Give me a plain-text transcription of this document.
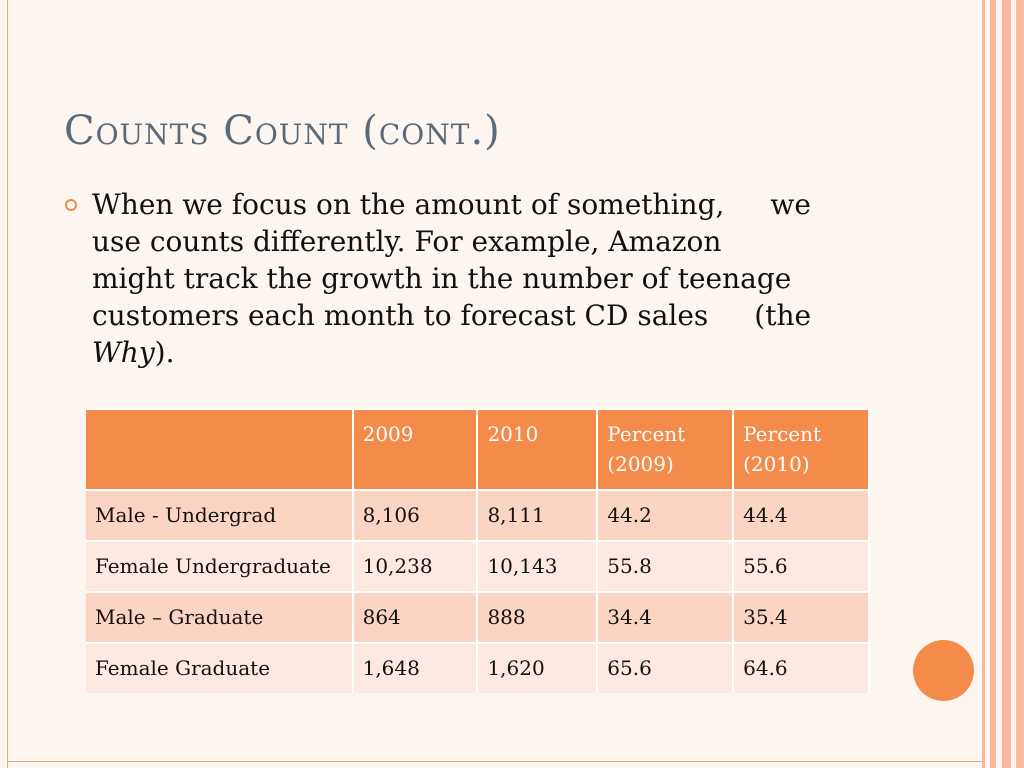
Counts Count (cont.)
When we focus on the amount of something, we
use counts differently. For example, Amazon
might track the growth in the number of teenage
customers each month to forecast CD sales (the
Why).
	2009	2010	Percent (2009)	Percent (2010)
Male - Undergrad	8,106	8,111	44.2	44.4
Female Undergraduate	10,238	10,143	55.8	55.6
Male – Graduate	864	888	34.4	35.4
Female Graduate	1,648	1,620	65.6	64.6
